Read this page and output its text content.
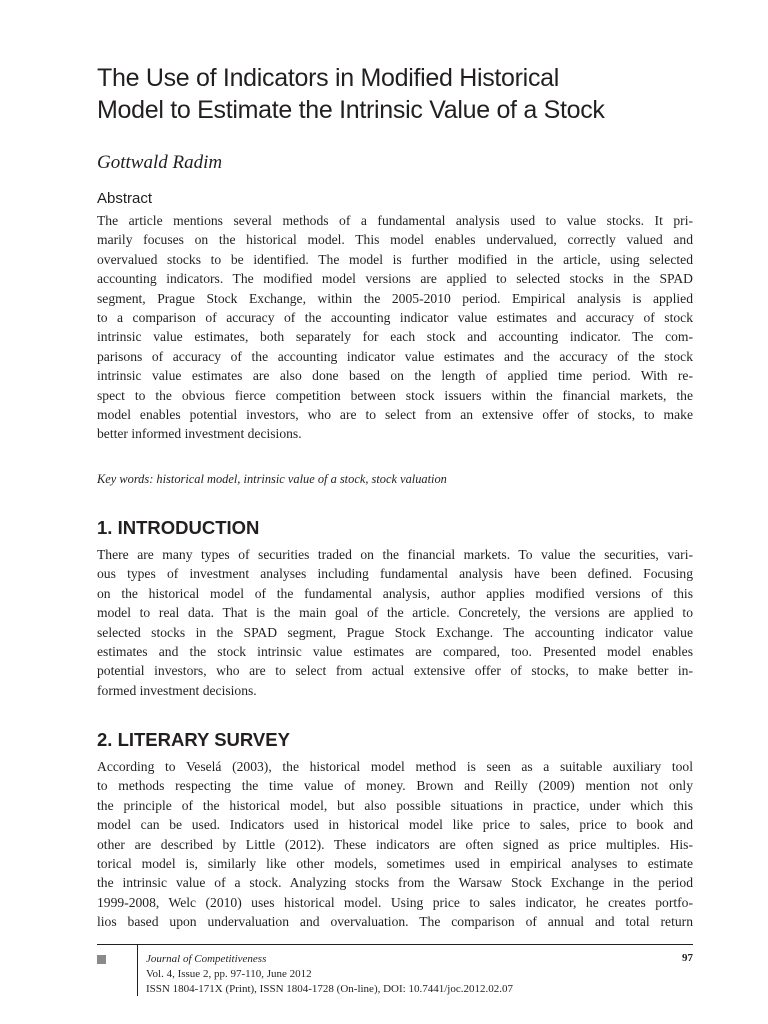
The Use of Indicators in Modified Historical
Model to Estimate the Intrinsic Value of a Stock

Gottwald Radim

Abstract
The article mentions several methods of a fundamental analysis used to value stocks. It pri-
marily focuses on the historical model. This model enables undervalued, correctly valued and
overvalued stocks to be identified. The model is further modified in the article, using selected
accounting indicators. The modified model versions are applied to selected stocks in the SPAD
segment, Prague Stock Exchange, within the 2005-2010 period. Empirical analysis is applied
to a comparison of accuracy of the accounting indicator value estimates and accuracy of stock
intrinsic value estimates, both separately for each stock and accounting indicator. The com-
parisons of accuracy of the accounting indicator value estimates and the accuracy of the stock
intrinsic value estimates are also done based on the length of applied time period. With re-
spect to the obvious fierce competition between stock issuers within the financial markets, the
model enables potential investors, who are to select from an extensive offer of stocks, to make
better informed investment decisions.

Key words: historical model, intrinsic value of a stock, stock valuation

1. INTRODUCTION
There are many types of securities traded on the financial markets. To value the securities, vari-
ous types of investment analyses including fundamental analysis have been defined. Focusing
on the historical model of the fundamental analysis, author applies modified versions of this
model to real data. That is the main goal of the article. Concretely, the versions are applied to
selected stocks in the SPAD segment, Prague Stock Exchange. The accounting indicator value
estimates and the stock intrinsic value estimates are compared, too. Presented model enables
potential investors, who are to select from actual extensive offer of stocks, to make better in-
formed investment decisions.
2. LITERARY SURVEY
According to Veselá (2003), the historical model method is seen as a suitable auxiliary tool
to methods respecting the time value of money. Brown and Reilly (2009) mention not only
the principle of the historical model, but also possible situations in practice, under which this
model can be used. Indicators used in historical model like price to sales, price to book and
other are described by Little (2012). These indicators are often signed as price multiples. His-
torical model is, similarly like other models, sometimes used in empirical analyses to estimate
the intrinsic value of a stock. Analyzing stocks from the Warsaw Stock Exchange in the period
1999-2008, Welc (2010) uses historical model. Using price to sales indicator, he creates portfo-
lios based upon undervaluation and overvaluation. The comparison of annual and total return
Journal of Competitiveness
Vol. 4, Issue 2, pp. 97-110, June 2012
ISSN 1804-171X (Print), ISSN 1804-1728 (On-line), DOI: 10.7441/joc.2012.02.07

97
